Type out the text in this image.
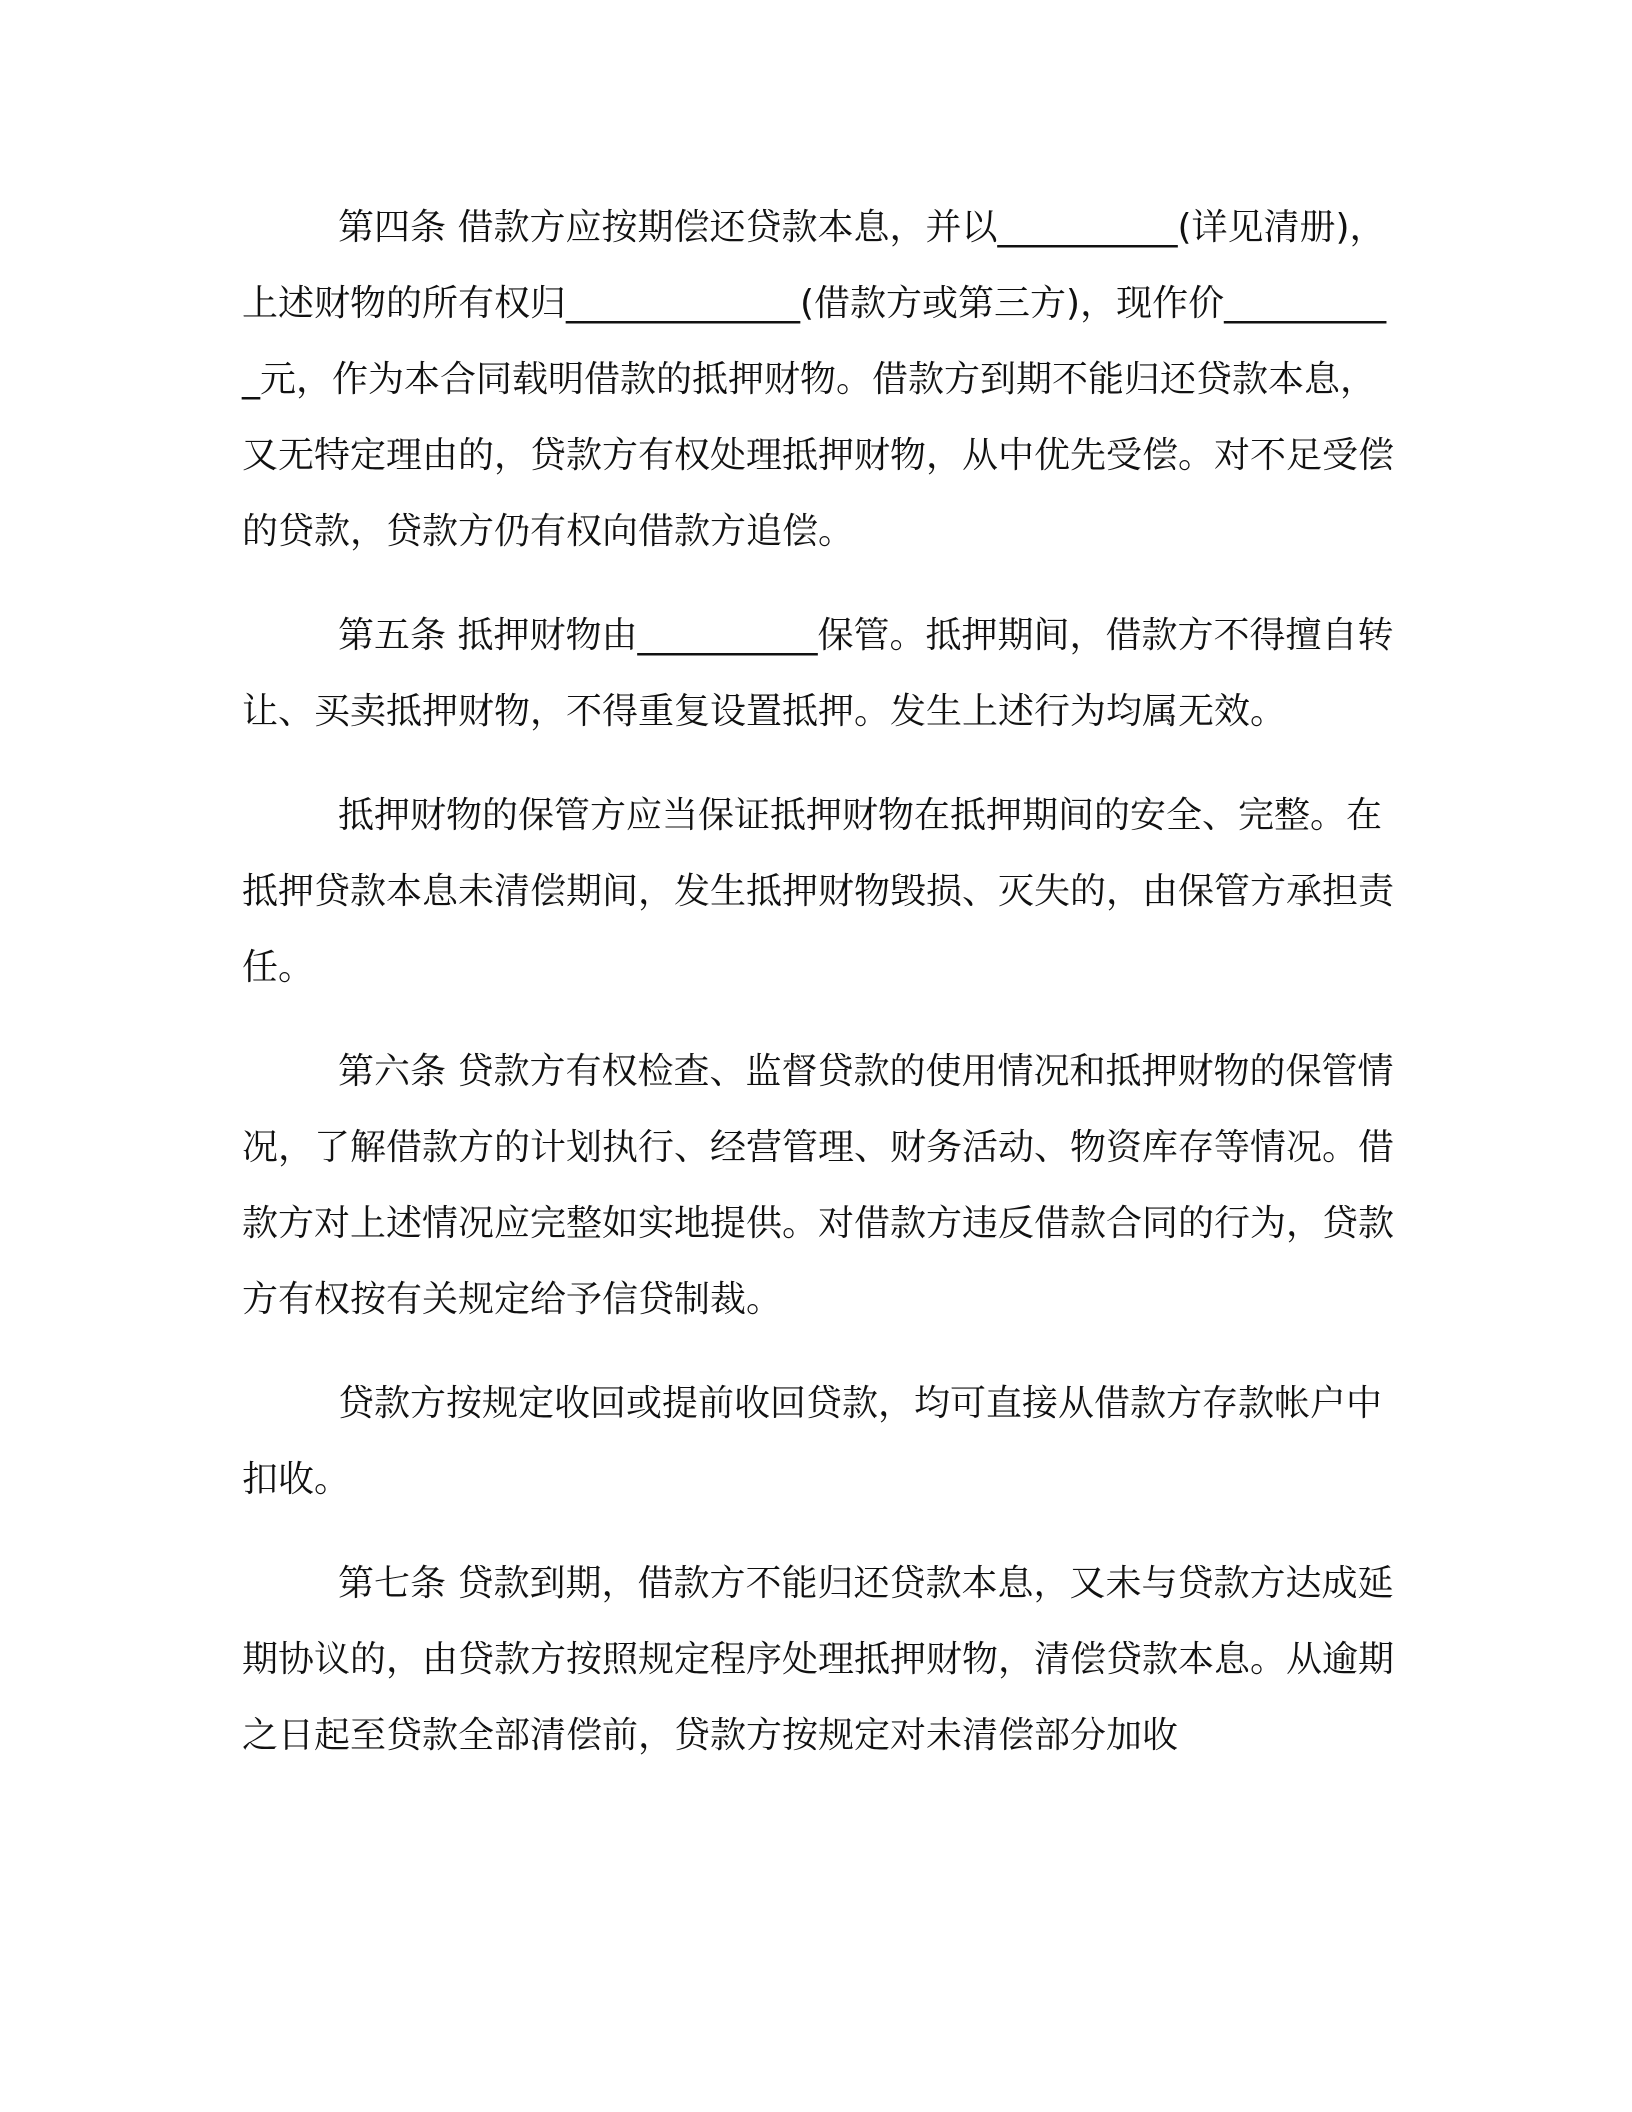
第四条 借款方应按期偿还贷款本息，并以__________(详见清册)，上述财物的所有权归_____________(借款方或第三方)，现作价__________元，作为本合同载明借款的抵押财物。借款方到期不能归还贷款本息，又无特定理由的，贷款方有权处理抵押财物，从中优先受偿。对不足受偿的贷款，贷款方仍有权向借款方追偿。

第五条 抵押财物由__________保管。抵押期间，借款方不得擅自转让、买卖抵押财物，不得重复设置抵押。发生上述行为均属无效。

抵押财物的保管方应当保证抵押财物在抵押期间的安全、完整。在抵押贷款本息未清偿期间，发生抵押财物毁损、灭失的，由保管方承担责任。

第六条 贷款方有权检查、监督贷款的使用情况和抵押财物的保管情况，了解借款方的计划执行、经营管理、财务活动、物资库存等情况。借款方对上述情况应完整如实地提供。对借款方违反借款合同的行为，贷款方有权按有关规定给予信贷制裁。

贷款方按规定收回或提前收回贷款，均可直接从借款方存款帐户中扣收。

第七条 贷款到期，借款方不能归还贷款本息，又未与贷款方达成延期协议的，由贷款方按照规定程序处理抵押财物，清偿贷款本息。从逾期之日起至贷款全部清偿前，贷款方按规定对未清偿部分加收
